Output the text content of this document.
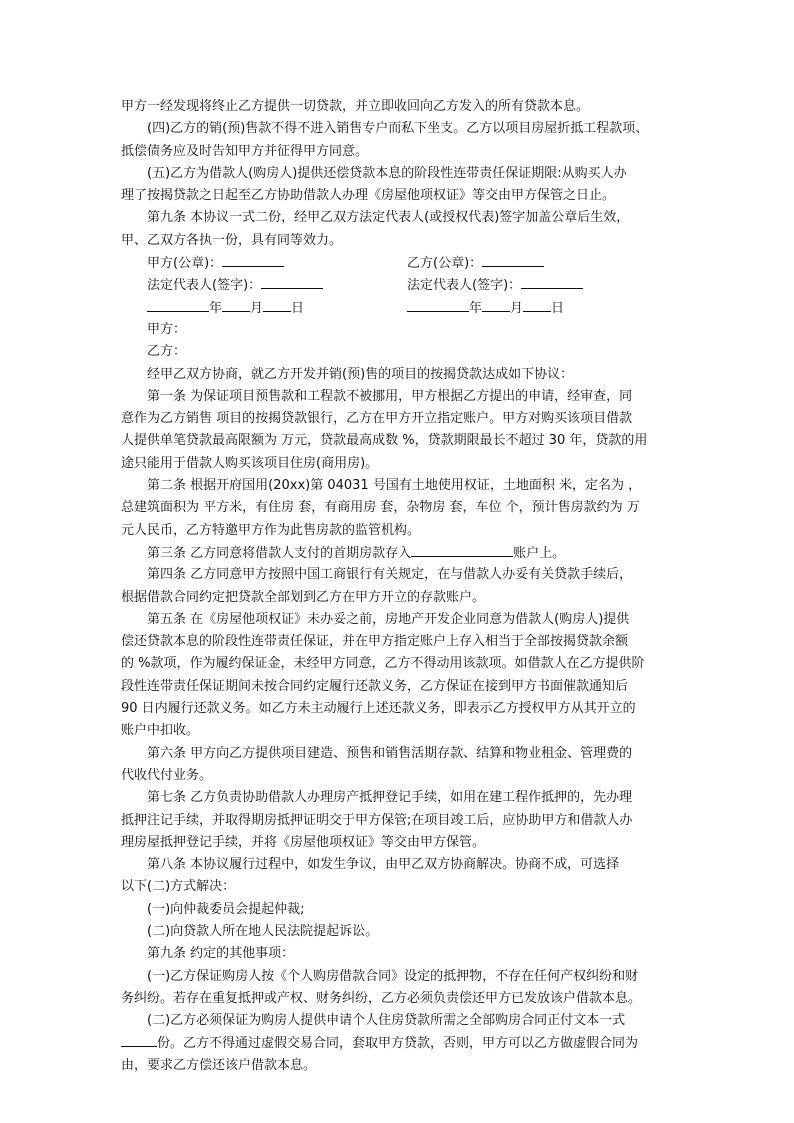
甲方一经发现将终止乙方提供一切贷款，并立即收回向乙方发入的所有贷款本息。
(四)乙方的销(预)售款不得不进入销售专户而私下坐支。乙方以项目房屋折抵工程款项、
抵偿债务应及时告知甲方并征得甲方同意。
(五)乙方为借款人(购房人)提供还偿贷款本息的阶段性连带责任保证期限:从购买人办
理了按揭贷款之日起至乙方协助借款人办理《房屋他项权证》等交由甲方保管之日止。
第九条 本协议一式二份，经甲乙双方法定代表人(或授权代表)签字加盖公章后生效，
甲、乙双方各执一份，具有同等效力。
甲方(公章)：	乙方(公章)：
法定代表人(签字)：	法定代表人(签字)：
年 月 日	年 月 日
甲方：
乙方：
经甲乙双方协商，就乙方开发并销(预)售的项目的按揭贷款达成如下协议：
第一条 为保证项目预售款和工程款不被挪用，甲方根据乙方提出的申请，经审查，同
意作为乙方销售 项目的按揭贷款银行，乙方在甲方开立指定账户。甲方对购买该项目借款
人提供单笔贷款最高限额为 万元，贷款最高成数 %，贷款期限最长不超过 30 年，贷款的用
途只能用于借款人购买该项目住房(商用房)。
第二条 根据开府国用(20xx)第 04031 号国有土地使用权证，土地面积 米，定名为 ，
总建筑面积为 平方米，有住房 套，有商用房 套，杂物房 套，车位 个，预计售房款约为 万
元人民币，乙方特邀甲方作为此售房款的监管机构。
第三条 乙方同意将借款人支付的首期房款存入	账户上。
第四条 乙方同意甲方按照中国工商银行有关规定，在与借款人办妥有关贷款手续后，
根据借款合同约定把贷款全部划到乙方在甲方开立的存款账户。
第五条 在《房屋他项权证》未办妥之前，房地产开发企业同意为借款人(购房人)提供
偿还贷款本息的阶段性连带责任保证，并在甲方指定账户上存入相当于全部按揭贷款余额
的 %款项，作为履约保证金，未经甲方同意，乙方不得动用该款项。如借款人在乙方提供阶
段性连带责任保证期间未按合同约定履行还款义务，乙方保证在接到甲方书面催款通知后
90 日内履行还款义务。如乙方未主动履行上述还款义务，即表示乙方授权甲方从其开立的
账户中扣收。
第六条 甲方向乙方提供项目建造、预售和销售活期存款、结算和物业租金、管理费的
代收代付业务。
第七条 乙方负责协助借款人办理房产抵押登记手续，如用在建工程作抵押的，先办理
抵押注记手续，并取得期房抵押证明交于甲方保管;在项目竣工后，应协助甲方和借款人办
理房屋抵押登记手续，并将《房屋他项权证》等交由甲方保管。
第八条 本协议履行过程中，如发生争议，由甲乙双方协商解决。协商不成，可选择
以下(二)方式解决：
(一)向仲裁委员会提起仲裁;
(二)向贷款人所在地人民法院提起诉讼。
第九条 约定的其他事项：
(一)乙方保证购房人按《个人购房借款合同》设定的抵押物，不存在任何产权纠纷和财
务纠纷。若存在重复抵押或产权、财务纠纷，乙方必须负责偿还甲方已发放该户借款本息。
(二)乙方必须保证为购房人提供申请个人住房贷款所需之全部购房合同正付文本一式
份。乙方不得通过虚假交易合同，套取甲方贷款，否则，甲方可以乙方做虚假合同为
由，要求乙方偿还该户借款本息。
